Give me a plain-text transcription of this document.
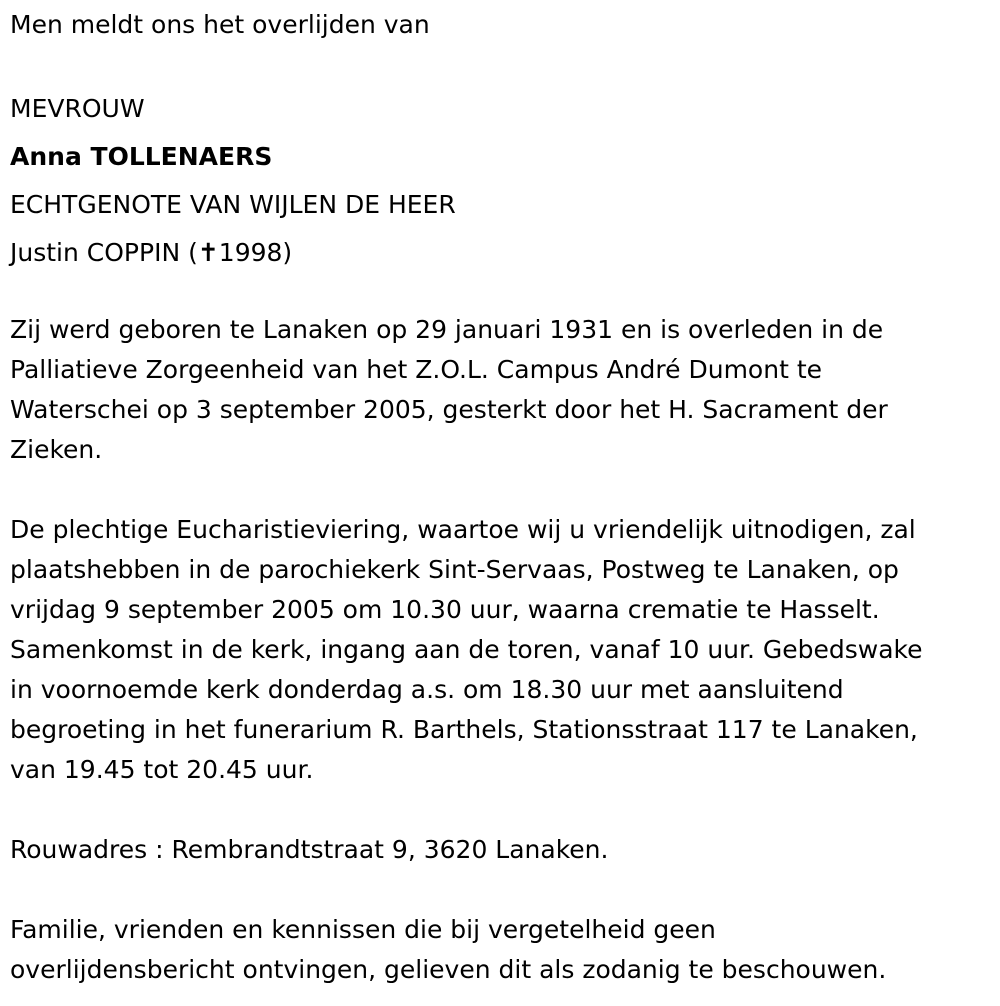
Men meldt ons het overlijden van
MEVROUW
Anna TOLLENAERS
ECHTGENOTE VAN WIJLEN DE HEER
Justin COPPIN (✝1998)
Zij werd geboren te Lanaken op 29 januari 1931 en is overleden in de
Palliatieve Zorgeenheid van het Z.O.L. Campus André Dumont te
Waterschei op 3 september 2005, gesterkt door het H. Sacrament der
Zieken.
De plechtige Eucharistieviering, waartoe wij u vriendelijk uitnodigen, zal
plaatshebben in de parochiekerk Sint-Servaas, Postweg te Lanaken, op
vrijdag 9 september 2005 om 10.30 uur, waarna crematie te Hasselt.
Samenkomst in de kerk, ingang aan de toren, vanaf 10 uur. Gebedswake
in voornoemde kerk donderdag a.s. om 18.30 uur met aansluitend
begroeting in het funerarium R. Barthels, Stationsstraat 117 te Lanaken,
van 19.45 tot 20.45 uur.
Rouwadres : Rembrandtstraat 9, 3620 Lanaken.
Familie, vrienden en kennissen die bij vergetelheid geen
overlijdensbericht ontvingen, gelieven dit als zodanig te beschouwen.
